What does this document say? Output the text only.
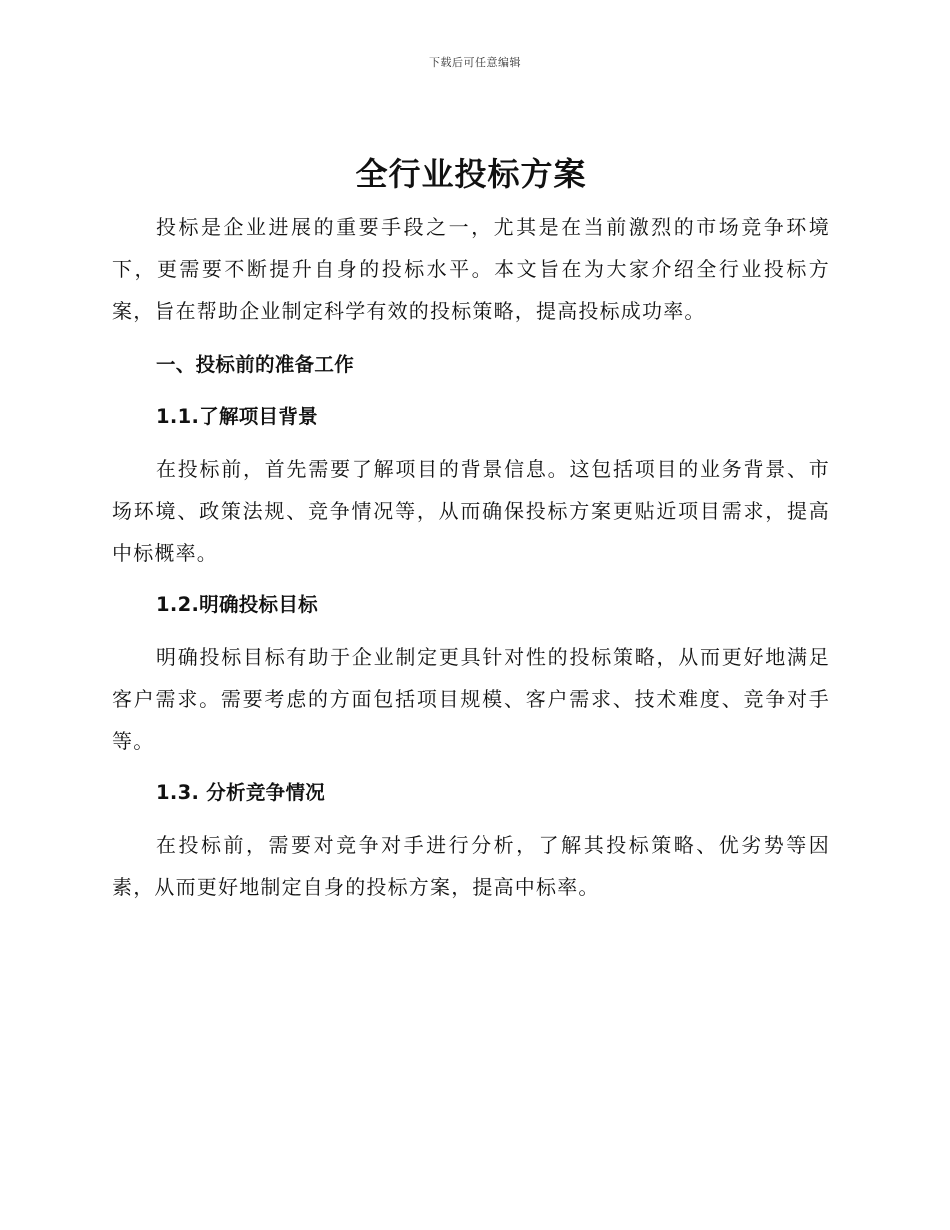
下载后可任意编辑
全行业投标方案

投标是企业进展的重要手段之一，尤其是在当前激烈的市场竞争环境下，更需要不断提升自身的投标水平。本文旨在为大家介绍全行业投标方案，旨在帮助企业制定科学有效的投标策略，提高投标成功率。

一、投标前的准备工作
1.1.了解项目背景

在投标前，首先需要了解项目的背景信息。这包括项目的业务背景、市场环境、政策法规、竞争情况等，从而确保投标方案更贴近项目需求，提高中标概率。

1.2.明确投标目标

明确投标目标有助于企业制定更具针对性的投标策略，从而更好地满足客户需求。需要考虑的方面包括项目规模、客户需求、技术难度、竞争对手等。

1.3. 分析竞争情况

在投标前，需要对竞争对手进行分析，了解其投标策略、优劣势等因素，从而更好地制定自身的投标方案，提高中标率。
